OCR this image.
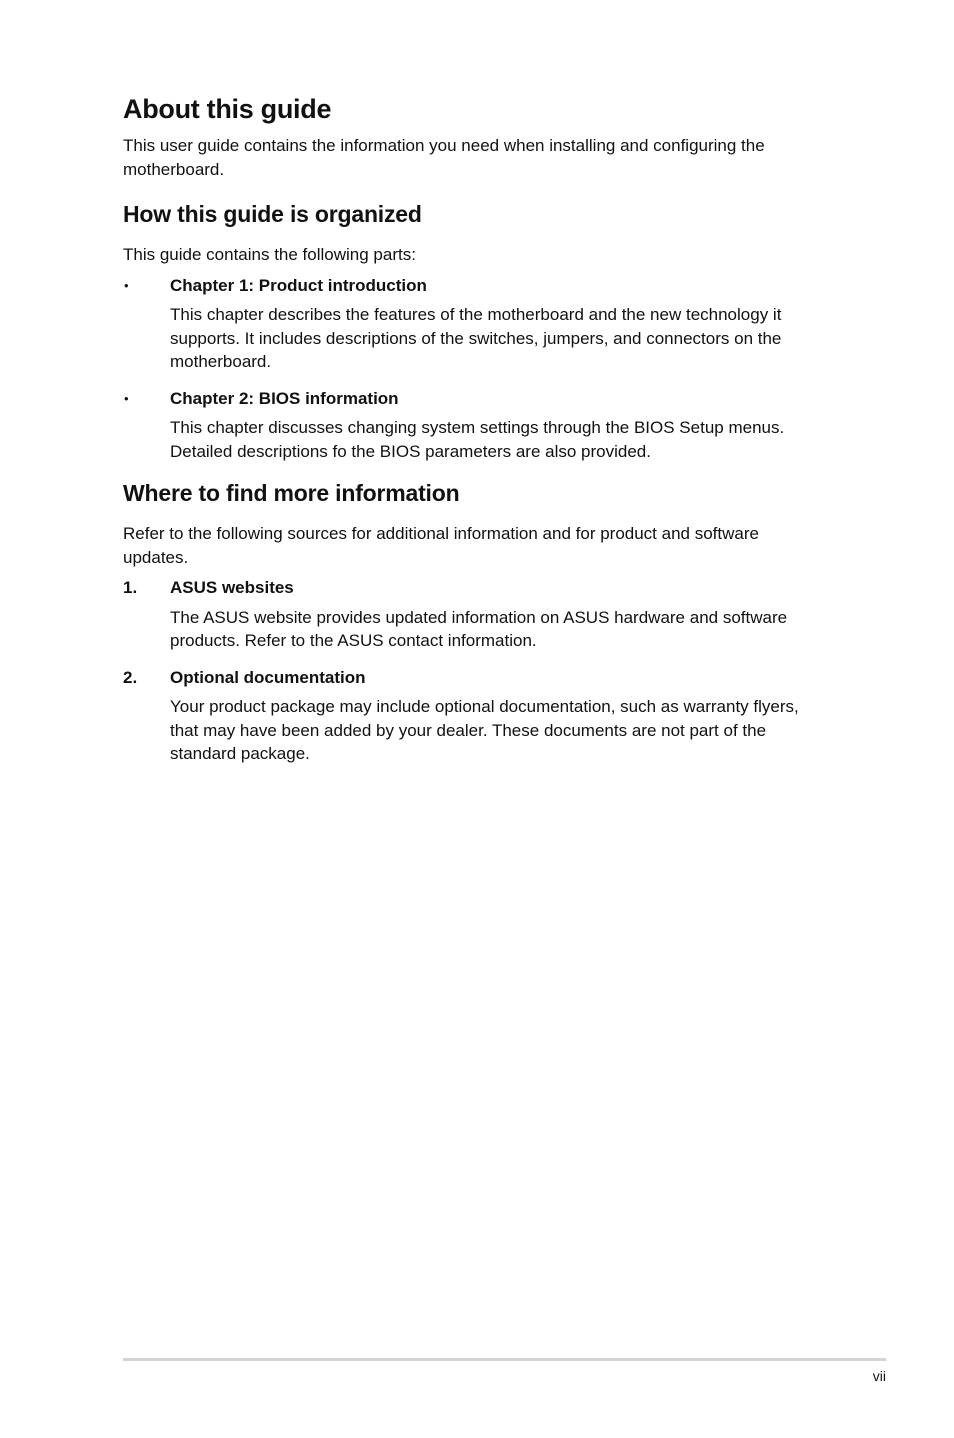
About this guide

This user guide contains the information you need when installing and configuring the motherboard.

How this guide is organized

This guide contains the following parts:

• Chapter 1: Product introduction
This chapter describes the features of the motherboard and the new technology it supports. It includes descriptions of the switches, jumpers, and connectors on the motherboard.
• Chapter 2: BIOS information
This chapter discusses changing system settings through the BIOS Setup menus. Detailed descriptions fo the BIOS parameters are also provided.
Where to find more information

Refer to the following sources for additional information and for product and software updates.

1. ASUS websites
The ASUS website provides updated information on ASUS hardware and software products. Refer to the ASUS contact information.
2. Optional documentation
Your product package may include optional documentation, such as warranty flyers, that may have been added by your dealer. These documents are not part of the standard package.
vii
